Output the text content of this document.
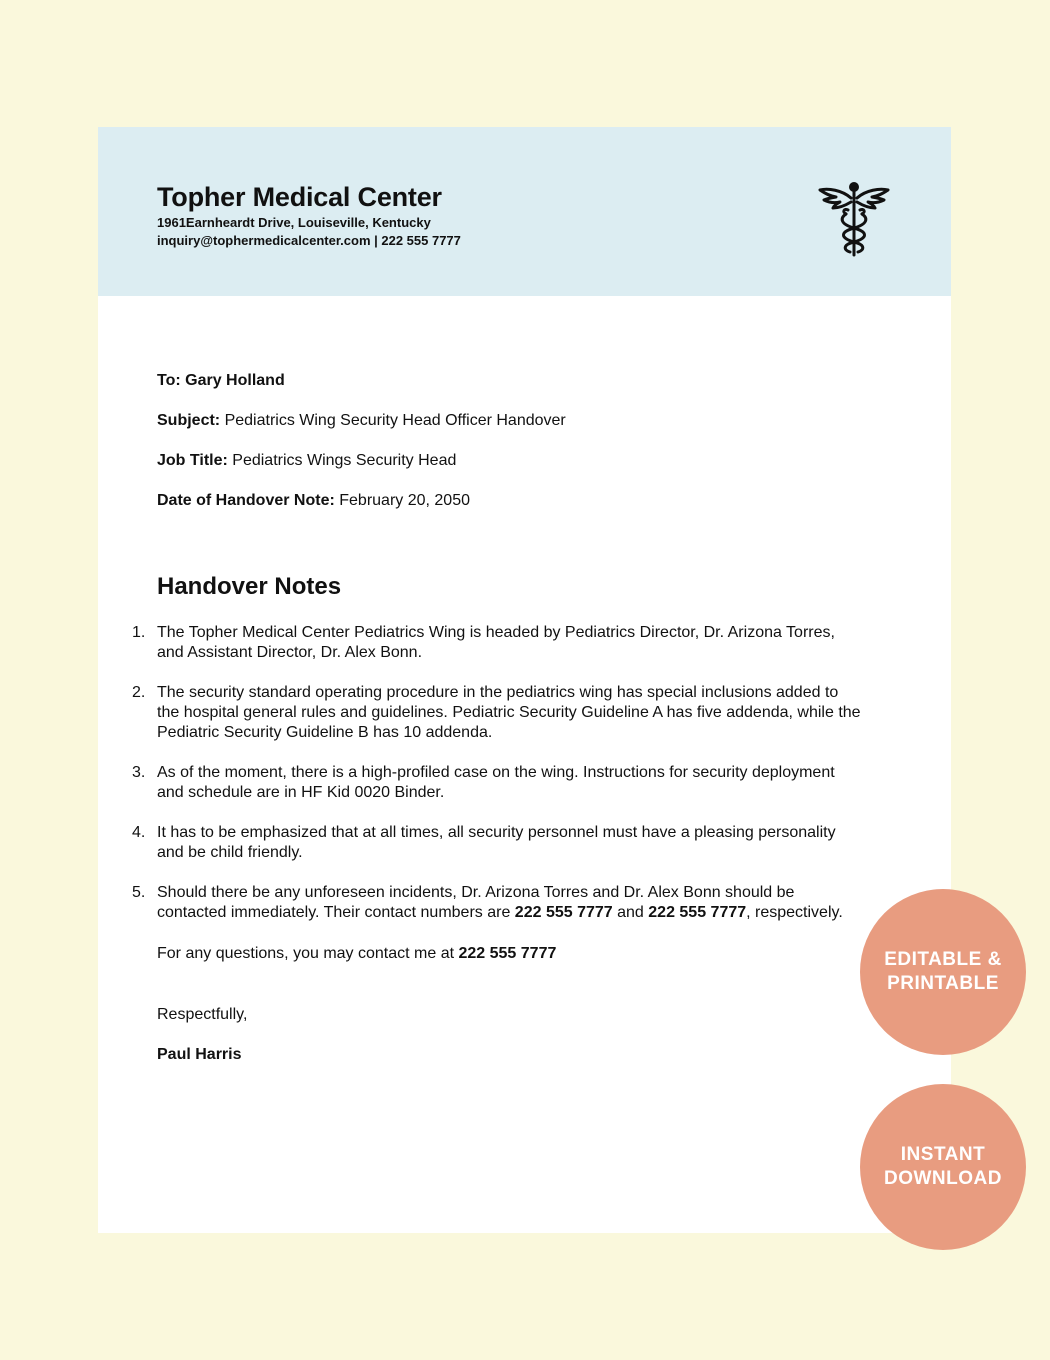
Topher Medical Center
1961Earnheardt Drive, Louiseville, Kentucky
inquiry@tophermedicalcenter.com | 222 555 7777
To: Gary Holland
Subject: Pediatrics Wing Security Head Officer Handover
Job Title: Pediatrics Wings Security Head
Date of Handover Note: February 20, 2050
Handover Notes
1. The Topher Medical Center Pediatrics Wing is headed by Pediatrics Director, Dr. Arizona Torres,
and Assistant Director, Dr. Alex Bonn.
2. The security standard operating procedure in the pediatrics wing has special inclusions added to
the hospital general rules and guidelines. Pediatric Security Guideline A has five addenda, while the
Pediatric Security Guideline B has 10 addenda.
3. As of the moment, there is a high-profiled case on the wing. Instructions for security deployment
and schedule are in HF Kid 0020 Binder.
4. It has to be emphasized that at all times, all security personnel must have a pleasing personality
and be child friendly.
5. Should there be any unforeseen incidents, Dr. Arizona Torres and Dr. Alex Bonn should be
contacted immediately. Their contact numbers are 222 555 7777 and 222 555 7777, respectively.
For any questions, you may contact me at 222 555 7777
Respectfully,
Paul Harris
EDITABLE &
PRINTABLE
INSTANT
DOWNLOAD
